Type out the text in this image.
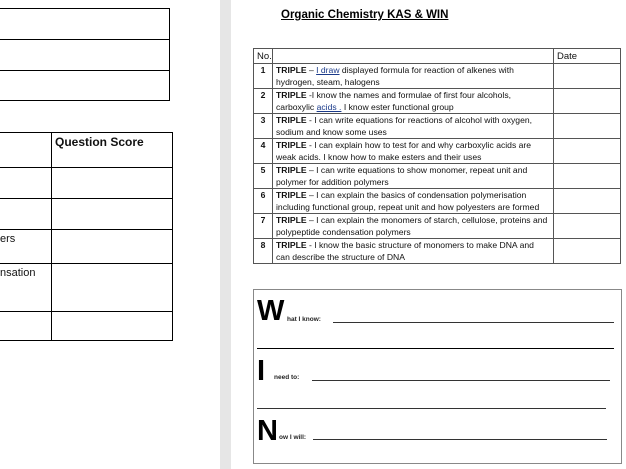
	Question Score

ers	
nsation	

Organic Chemistry KAS & WIN
No.		Date
1	TRIPLE – I draw displayed formula for reaction of alkenes with hydrogen, steam, halogens	
2	TRIPLE -I know the names and formulae of first four alcohols, carboxylic acids . I know ester functional group	
3	TRIPLE - I can write equations for reactions of alcohol with oxygen, sodium and know some uses	
4	TRIPLE - I can explain how to test for and why carboxylic acids are weak acids. I know how to make esters and their uses	
5	TRIPLE – I can write equations to show monomer, repeat unit and polymer for addition polymers	
6	TRIPLE – I can explain the basics of condensation polymerisation including functional group, repeat unit and how polyesters are formed	
7	TRIPLE – I can explain the monomers of starch, cellulose, proteins and polypeptide condensation polymers	
8	TRIPLE - I know the basic structure of monomers to make DNA and can describe the structure of DNA	
W hat I know:
I need to:
N ow I will:
